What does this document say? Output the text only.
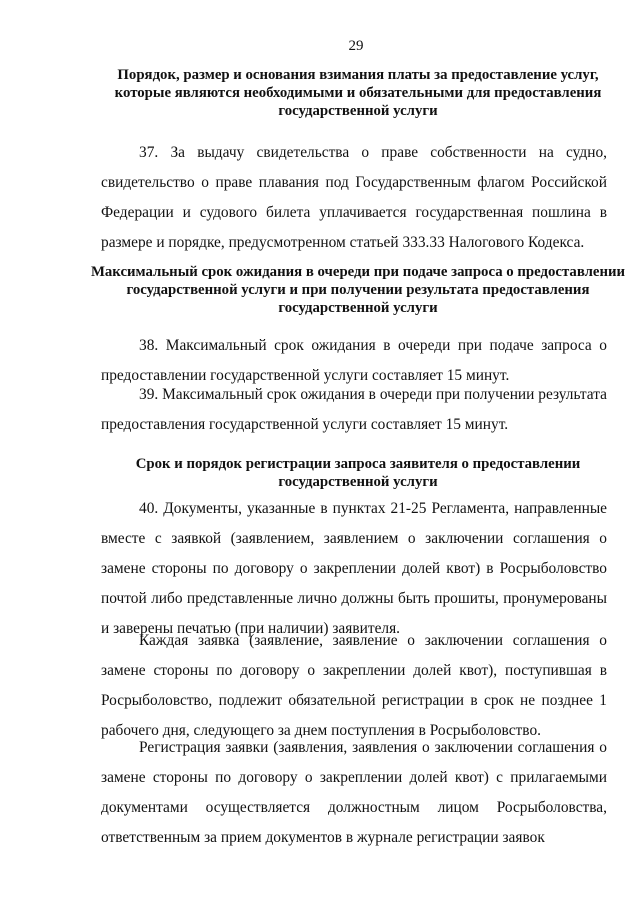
29
Порядок, размер и основания взимания платы за предоставление услуг, которые являются необходимыми и обязательными для предоставления государственной услуги
37. За выдачу свидетельства о праве собственности на судно, свидетельство о праве плавания под Государственным флагом Российской Федерации и судового билета уплачивается государственная пошлина в размере и порядке, предусмотренном статьей 333.33 Налогового Кодекса.
Максимальный срок ожидания в очереди при подаче запроса о предоставлении государственной услуги и при получении результата предоставления государственной услуги
38. Максимальный срок ожидания в очереди при подаче запроса о предоставлении государственной услуги составляет 15 минут.
39. Максимальный срок ожидания в очереди при получении результата предоставления государственной услуги составляет 15 минут.
Срок и порядок регистрации запроса заявителя о предоставлении государственной услуги
40. Документы, указанные в пунктах 21-25 Регламента, направленные вместе с заявкой (заявлением, заявлением о заключении соглашения о замене стороны по договору о закреплении долей квот) в Росрыболовство почтой либо представленные лично должны быть прошиты, пронумерованы и заверены печатью (при наличии) заявителя.
Каждая заявка (заявление, заявление о заключении соглашения о замене стороны по договору о закреплении долей квот), поступившая в Росрыболовство, подлежит обязательной регистрации в срок не позднее 1 рабочего дня, следующего за днем поступления в Росрыболовство.
Регистрация заявки (заявления, заявления о заключении соглашения о замене стороны по договору о закреплении долей квот) с прилагаемыми документами осуществляется должностным лицом Росрыболовства, ответственным за прием документов в журнале регистрации заявок
